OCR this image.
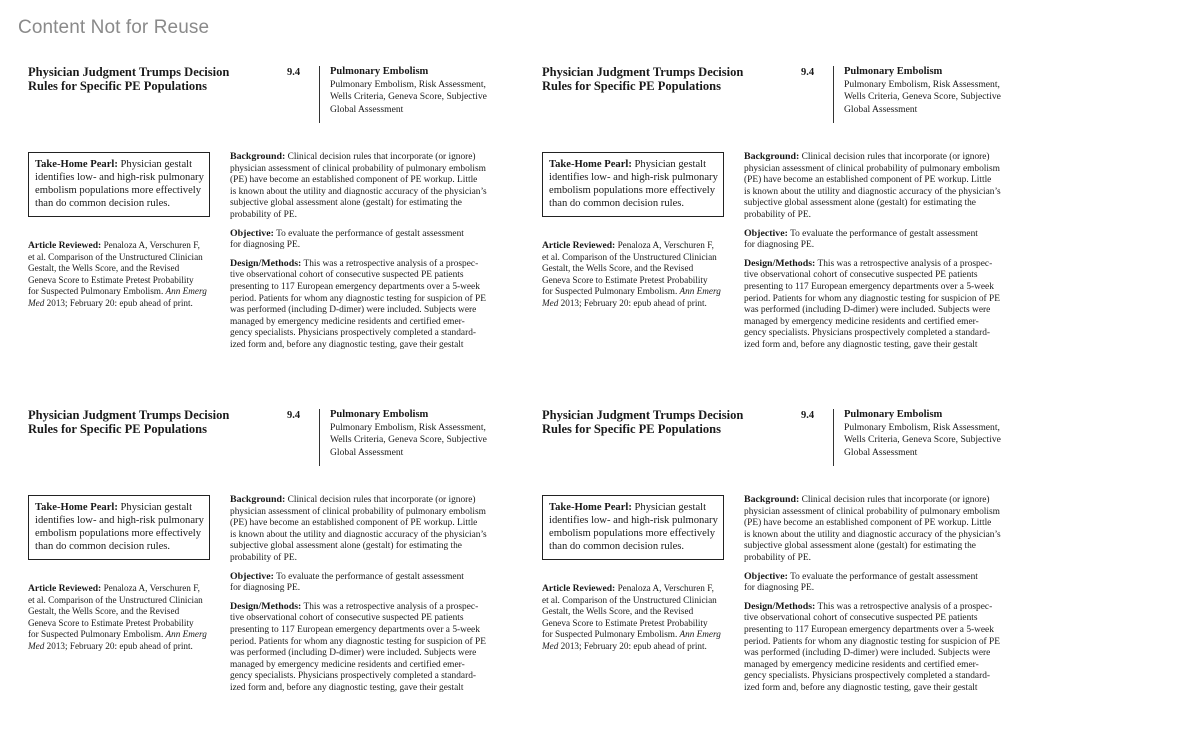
Content Not for Reuse
Physician Judgment Trumps Decision
Rules for Specific PE Populations
9.4	Pulmonary Embolism
Pulmonary Embolism, Risk Assessment,
Wells Criteria, Geneva Score, Subjective
Global Assessment
Take-Home Pearl: Physician gestalt
identifies low- and high-risk pulmonary
embolism populations more effectively
than do common decision rules.
Article Reviewed: Penaloza A, Verschuren F,
et al. Comparison of the Unstructured Clinician
Gestalt, the Wells Score, and the Revised
Geneva Score to Estimate Pretest Probability
for Suspected Pulmonary Embolism. Ann Emerg
Med 2013; February 20: epub ahead of print.

Background: Clinical decision rules that incorporate (or ignore)
physician assessment of clinical probability of pulmonary embolism
(PE) have become an established component of PE workup. Little
is known about the utility and diagnostic accuracy of the physician’s
subjective global assessment alone (gestalt) for estimating the
probability of PE.

Objective: To evaluate the performance of gestalt assessment
for diagnosing PE.

Design/Methods: This was a retrospective analysis of a prospec-
tive observational cohort of consecutive suspected PE patients
presenting to 117 European emergency departments over a 5-week
period. Patients for whom any diagnostic testing for suspicion of PE
was performed (including D-dimer) were included. Subjects were
managed by emergency medicine residents and certified emer-
gency specialists. Physicians prospectively completed a standard-
ized form and, before any diagnostic testing, gave their gestalt

Physician Judgment Trumps Decision
Rules for Specific PE Populations
9.4	Pulmonary Embolism
Pulmonary Embolism, Risk Assessment,
Wells Criteria, Geneva Score, Subjective
Global Assessment
Take-Home Pearl: Physician gestalt
identifies low- and high-risk pulmonary
embolism populations more effectively
than do common decision rules.
Article Reviewed: Penaloza A, Verschuren F,
et al. Comparison of the Unstructured Clinician
Gestalt, the Wells Score, and the Revised
Geneva Score to Estimate Pretest Probability
for Suspected Pulmonary Embolism. Ann Emerg
Med 2013; February 20: epub ahead of print.

Background: Clinical decision rules that incorporate (or ignore)
physician assessment of clinical probability of pulmonary embolism
(PE) have become an established component of PE workup. Little
is known about the utility and diagnostic accuracy of the physician’s
subjective global assessment alone (gestalt) for estimating the
probability of PE.

Objective: To evaluate the performance of gestalt assessment
for diagnosing PE.

Design/Methods: This was a retrospective analysis of a prospec-
tive observational cohort of consecutive suspected PE patients
presenting to 117 European emergency departments over a 5-week
period. Patients for whom any diagnostic testing for suspicion of PE
was performed (including D-dimer) were included. Subjects were
managed by emergency medicine residents and certified emer-
gency specialists. Physicians prospectively completed a standard-
ized form and, before any diagnostic testing, gave their gestalt

Physician Judgment Trumps Decision
Rules for Specific PE Populations
9.4	Pulmonary Embolism
Pulmonary Embolism, Risk Assessment,
Wells Criteria, Geneva Score, Subjective
Global Assessment
Take-Home Pearl: Physician gestalt
identifies low- and high-risk pulmonary
embolism populations more effectively
than do common decision rules.
Article Reviewed: Penaloza A, Verschuren F,
et al. Comparison of the Unstructured Clinician
Gestalt, the Wells Score, and the Revised
Geneva Score to Estimate Pretest Probability
for Suspected Pulmonary Embolism. Ann Emerg
Med 2013; February 20: epub ahead of print.

Background: Clinical decision rules that incorporate (or ignore)
physician assessment of clinical probability of pulmonary embolism
(PE) have become an established component of PE workup. Little
is known about the utility and diagnostic accuracy of the physician’s
subjective global assessment alone (gestalt) for estimating the
probability of PE.

Objective: To evaluate the performance of gestalt assessment
for diagnosing PE.

Design/Methods: This was a retrospective analysis of a prospec-
tive observational cohort of consecutive suspected PE patients
presenting to 117 European emergency departments over a 5-week
period. Patients for whom any diagnostic testing for suspicion of PE
was performed (including D-dimer) were included. Subjects were
managed by emergency medicine residents and certified emer-
gency specialists. Physicians prospectively completed a standard-
ized form and, before any diagnostic testing, gave their gestalt

Physician Judgment Trumps Decision
Rules for Specific PE Populations
9.4	Pulmonary Embolism
Pulmonary Embolism, Risk Assessment,
Wells Criteria, Geneva Score, Subjective
Global Assessment
Take-Home Pearl: Physician gestalt
identifies low- and high-risk pulmonary
embolism populations more effectively
than do common decision rules.
Article Reviewed: Penaloza A, Verschuren F,
et al. Comparison of the Unstructured Clinician
Gestalt, the Wells Score, and the Revised
Geneva Score to Estimate Pretest Probability
for Suspected Pulmonary Embolism. Ann Emerg
Med 2013; February 20: epub ahead of print.

Background: Clinical decision rules that incorporate (or ignore)
physician assessment of clinical probability of pulmonary embolism
(PE) have become an established component of PE workup. Little
is known about the utility and diagnostic accuracy of the physician’s
subjective global assessment alone (gestalt) for estimating the
probability of PE.

Objective: To evaluate the performance of gestalt assessment
for diagnosing PE.

Design/Methods: This was a retrospective analysis of a prospec-
tive observational cohort of consecutive suspected PE patients
presenting to 117 European emergency departments over a 5-week
period. Patients for whom any diagnostic testing for suspicion of PE
was performed (including D-dimer) were included. Subjects were
managed by emergency medicine residents and certified emer-
gency specialists. Physicians prospectively completed a standard-
ized form and, before any diagnostic testing, gave their gestalt
